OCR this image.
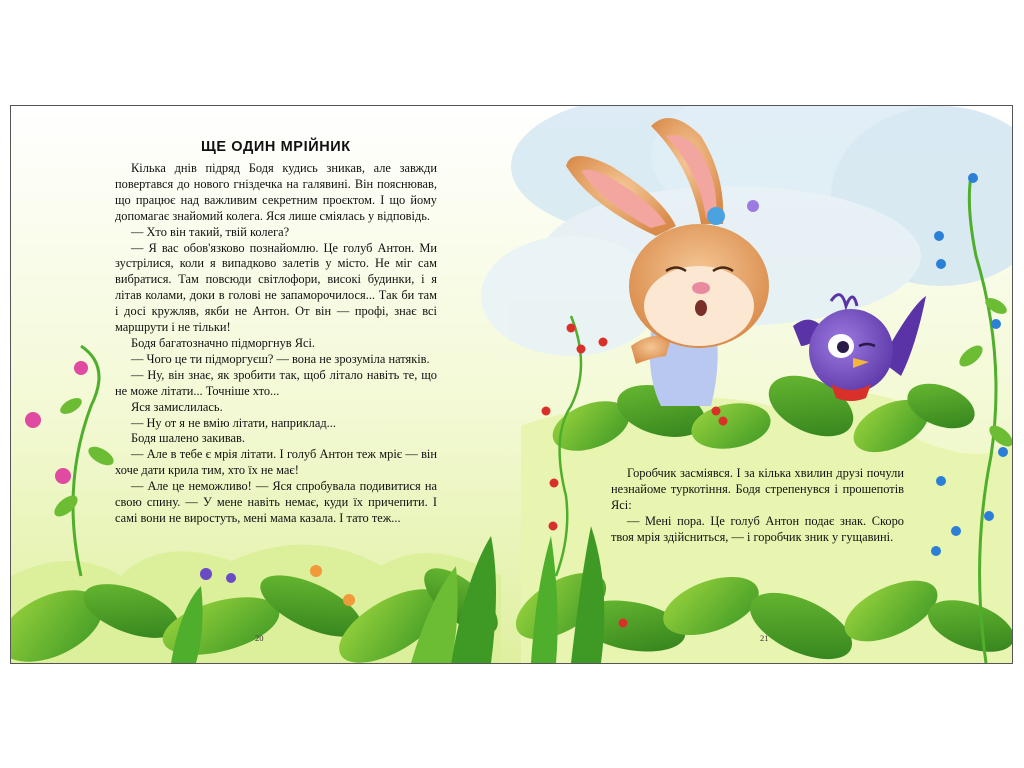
ЩЕ ОДИН МРІЙНИК

Кілька днів підряд Бодя кудись зникав, але завжди повертався до нового гніздечка на галявині. Він пояснював, що працює над важливим секретним проєктом. І що йому допомагає знайомий колега. Яся лише сміялась у відповідь.

— Хто він такий, твій колега?

— Я вас обов'язково познайомлю. Це голуб Антон. Ми зустрілися, коли я випадково залетів у місто. Не міг сам вибратися. Там повсюди світлофори, високі будинки, і я літав колами, доки в голові не запаморочилося... Так би там і досі кружляв, якби не Антон. От він — профі, знає всі маршрути і не тільки!

Бодя багатозначно підморгнув Ясі.

— Чого це ти підморгуєш? — вона не зрозуміла натяків.

— Ну, він знає, як зробити так, щоб літало навіть те, що не може літати... Точніше хто...

Яся замислилась.

— Ну от я не вмію літати, наприклад...

Бодя шалено закивав.

— Але в тебе є мрія літати. І голуб Антон теж мріє — він хоче дати крила тим, хто їх не має!

— Але це неможливо! — Яся спробувала подивитися на свою спину. — У мене навіть немає, куди їх причепити. І самі вони не виростуть, мені мама казала. І тато теж...

20

Горобчик засміявся. І за кілька хвилин друзі почули незнайоме туркотіння. Бодя стрепенувся і прошепотів Ясі:

— Мені пора. Це голуб Антон подає знак. Скоро твоя мрія здійсниться, — і горобчик зник у гущавині.

21
